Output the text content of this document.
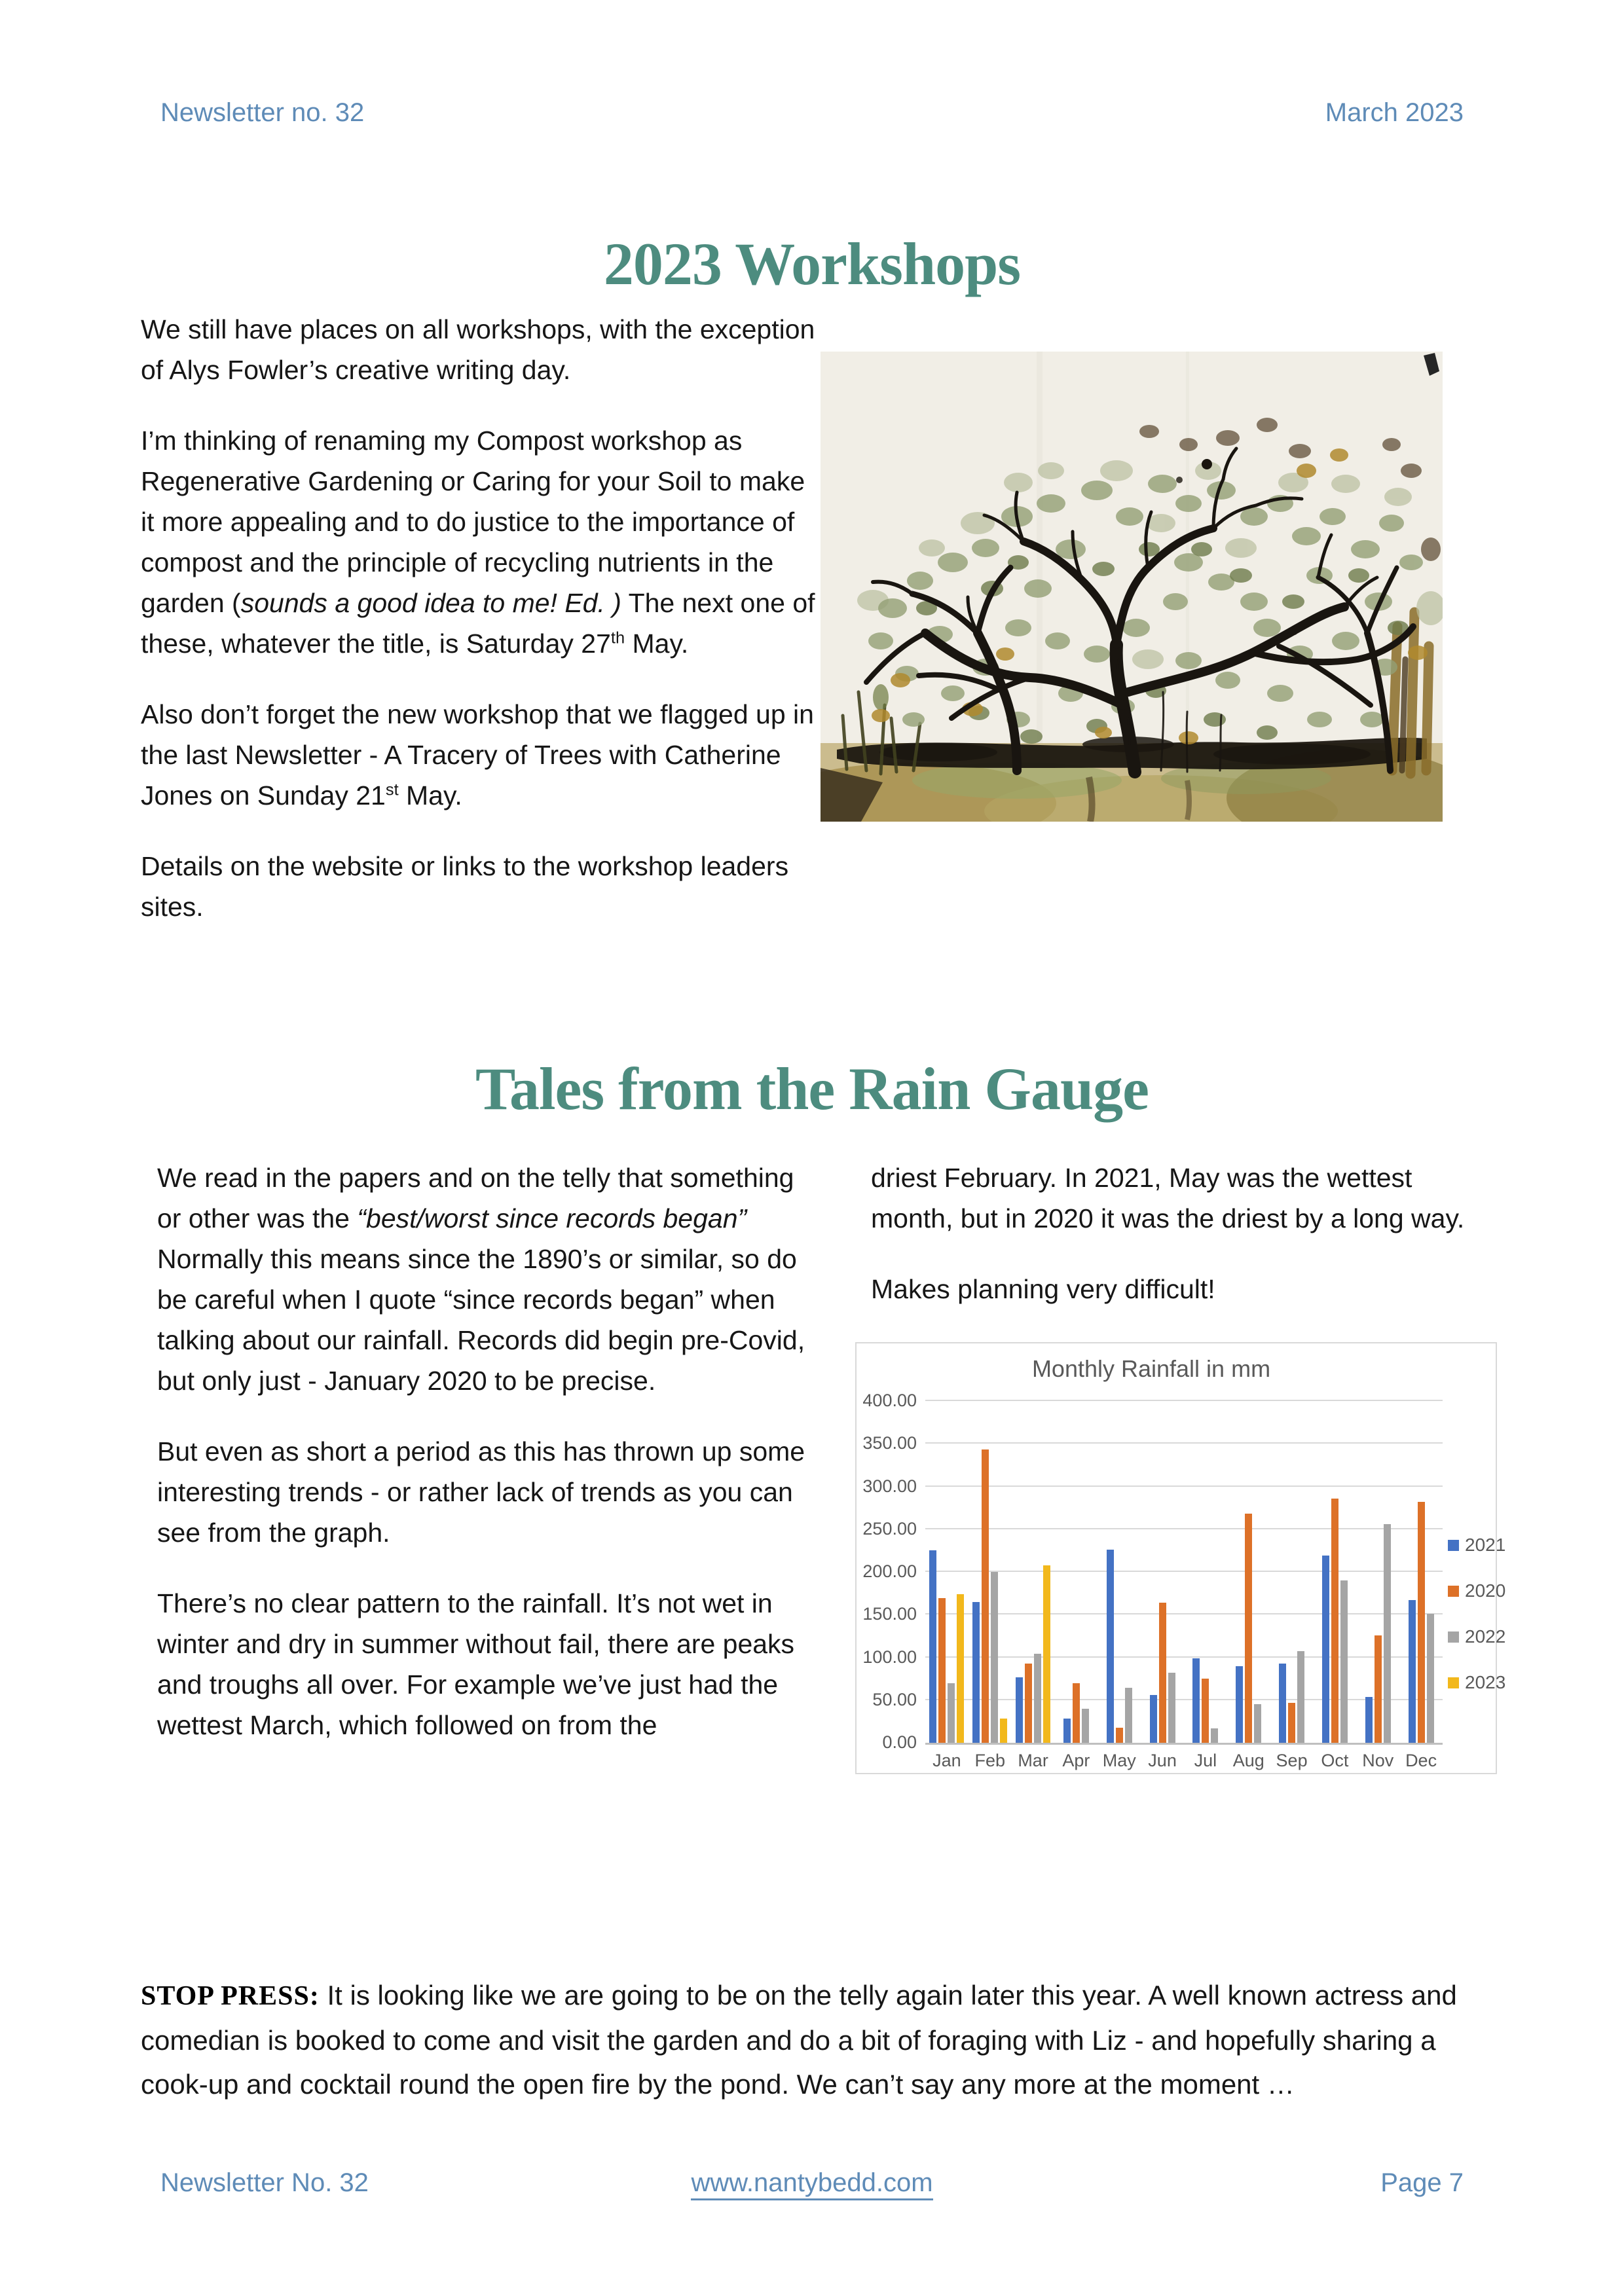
Newsletter no. 32	March 2023
2023 Workshops

We still have places on all workshops, with the exception of Alys Fowler’s creative writing day.

I’m thinking of renaming my Compost workshop as Regenerative Gardening or Caring for your Soil to make it more appealing and to do justice to the importance of compost and the principle of recycling nutrients in the garden (sounds a good idea to me! Ed. ) The next one of these, whatever the title, is Saturday 27th May.

Also don’t forget the new workshop that we flagged up in the last Newsletter - A Tracery of Trees with Catherine Jones on Sunday 21st May.

Details on the website or links to the workshop leaders sites.

Tales from the Rain Gauge

We read in the papers and on the telly that something or other was the “best/worst since records began” Normally this means since the 1890’s or similar, so do be careful when I quote “since records began” when talking about our rainfall. Records did begin pre-Covid, but only just - January 2020 to be precise.

But even as short a period as this has thrown up some interesting trends - or rather lack of trends as you can see from the graph.

There’s no clear pattern to the rainfall. It’s not wet in winter and dry in summer without fail, there are peaks and troughs all over. For example we’ve just had the wettest March, which followed on from the

driest February. In 2021, May was the wettest month, but in 2020 it was the driest by a long way.

Makes planning very difficult!

Monthly Rainfall in mm
0.00
50.00
100.00
150.00
200.00
250.00
300.00
350.00
400.00
Jan Feb Mar Apr May Jun Jul Aug Sep Oct Nov Dec
2021
2020
2022
2023

STOP PRESS: It is looking like we are going to be on the telly again later this year. A well known actress and comedian is booked to come and visit the garden and do a bit of foraging with Liz - and hopefully sharing a cook-up and cocktail round the open fire by the pond. We can’t say any more at the moment …

Newsletter No. 32	www.nantybedd.com	Page 7
